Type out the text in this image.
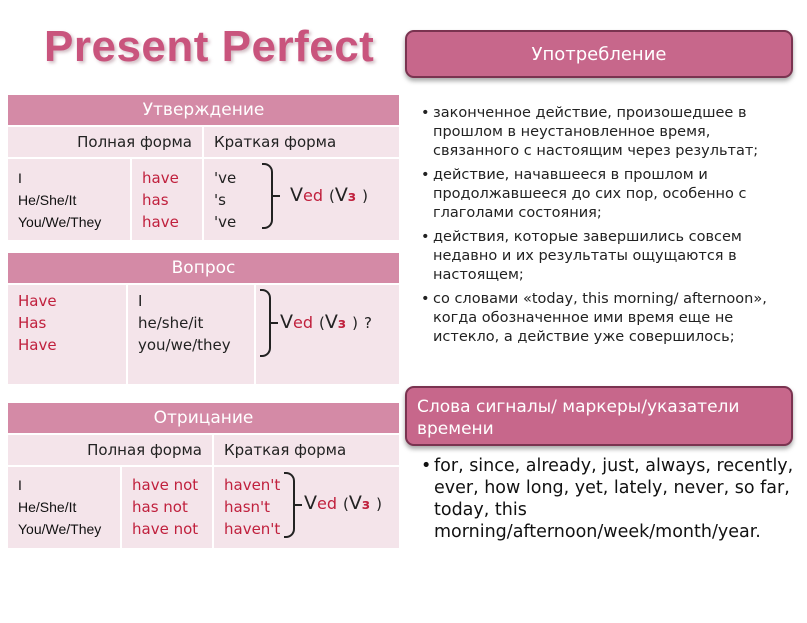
Present Perfect
Утверждение
Полная форма	Краткая форма
I
He/She/It
You/We/They
have
has
have
've
's
've
Ved (Vз )
Вопрос
Have
Has
Have
I
he/she/it
you/we/they
Ved (Vз ) ?
Отрицание
Полная форма	Краткая форма
I
He/She/It
You/We/They
have not
has not
have not
haven't
hasn't
haven't
Ved (Vз )
Употребление
• законченное действие, произошедшее в прошлом в неустановленное время, связанного с настоящим через результат;
• действие, начавшееся в прошлом и продолжавшееся до сих пор, особенно с глаголами состояния;
• действия, которые завершились совсем недавно и их результаты ощущаются в настоящем;
• со словами «today, this morning/ afternoon», когда обозначенное ими время еще не истекло, а действие уже совершилось;
Слова сигналы/ маркеры/указатели времени
• for, since, already, just, always, recently, ever, how long, yet, lately, never, so far, today, this morning/afternoon/week/month/year.
